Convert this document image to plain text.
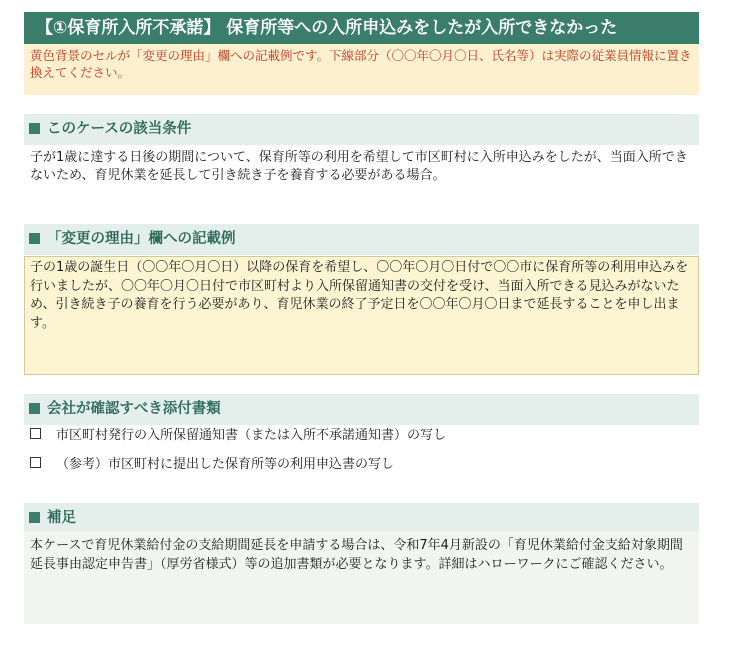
【①保育所入所不承諾】 保育所等への入所申込みをしたが入所できなかった
黄色背景のセルが「変更の理由」欄への記載例です。下線部分（〇〇年〇月〇日、氏名等）は実際の従業員情報に置き換えてください。
このケースの該当条件
子が1歳に達する日後の期間について、保育所等の利用を希望して市区町村に入所申込みをしたが、当面入所できないため、育児休業を延長して引き続き子を養育する必要がある場合。
「変更の理由」欄への記載例
子の1歳の誕生日（〇〇年〇月〇日）以降の保育を希望し、〇〇年〇月〇日付で〇〇市に保育所等の利用申込みを行いましたが、〇〇年〇月〇日付で市区町村より入所保留通知書の交付を受け、当面入所できる見込みがないため、引き続き子の養育を行う必要があり、育児休業の終了予定日を〇〇年〇月〇日まで延長することを申し出ます。
会社が確認すべき添付書類
市区町村発行の入所保留通知書（または入所不承諾通知書）の写し
（参考）市区町村に提出した保育所等の利用申込書の写し
補足
本ケースで育児休業給付金の支給期間延長を申請する場合は、令和7年4月新設の「育児休業給付金支給対象期間延長事由認定申告書」（厚労省様式）等の追加書類が必要となります。詳細はハローワークにご確認ください。
